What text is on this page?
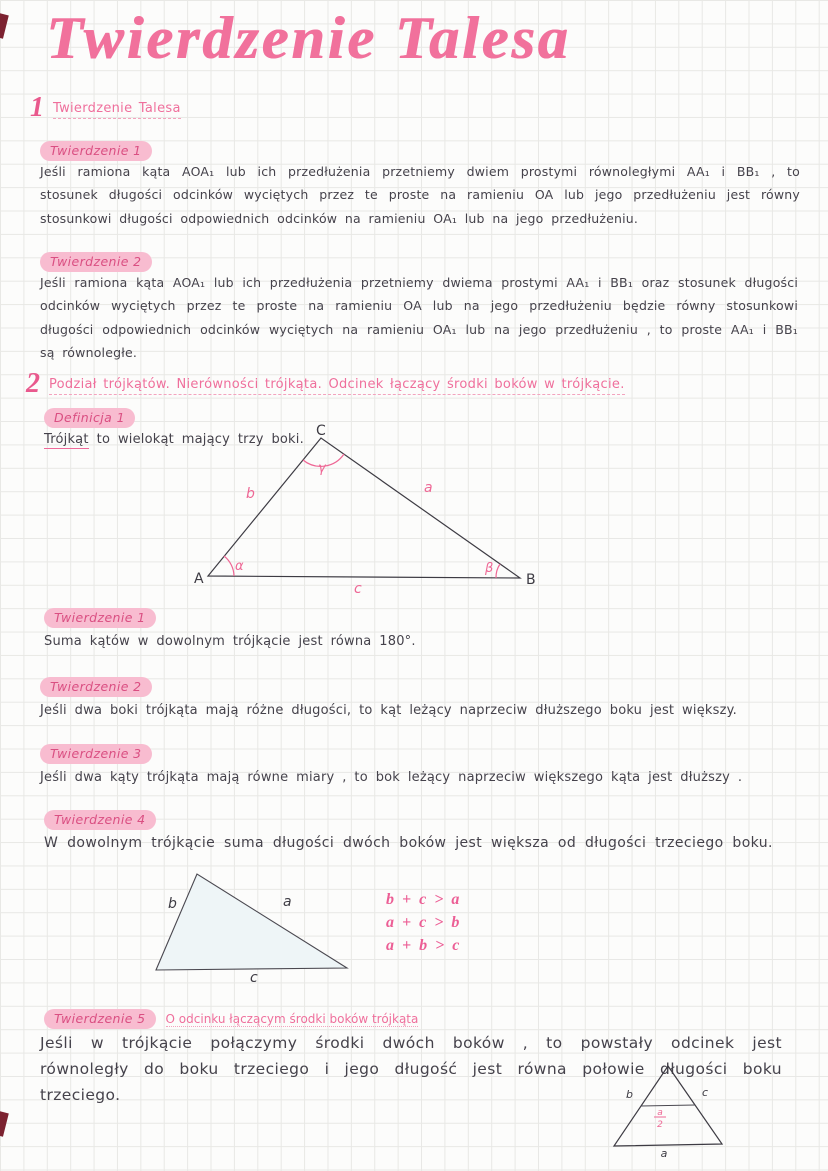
Twierdzenie Talesa
1 Twierdzenie Talesa
Twierdzenie 1
Jeśli ramiona kąta AOA₁ lub ich przedłużenia przetniemy dwiem prostymi równoległymi AA₁ i BB₁ , to stosunek długości odcinków wyciętych przez te proste na ramieniu OA lub jego przedłużeniu jest równy stosunkowi długości odpowiednich odcinków na ramieniu OA₁ lub na jego przedłużeniu.
Twierdzenie 2
Jeśli ramiona kąta AOA₁ lub ich przedłużenia przetniemy dwiema prostymi AA₁ i BB₁ oraz stosunek długości odcinków wyciętych przez te proste na ramieniu OA lub na jego przedłużeniu będzie równy stosunkowi długości odpowiednich odcinków wyciętych na ramieniu OA₁ lub na jego przedłużeniu , to proste AA₁ i BB₁ są równoległe.
2 Podział trójkątów. Nierówności trójkąta. Odcinek łączący środki boków w trójkącie.
Definicja 1
Trójkąt to wielokąt mający trzy boki.
A	B
C
b	a
c
α	β
γ
Twierdzenie 1
Suma kątów w dowolnym trójkącie jest równa 180°.
Twierdzenie 2
Jeśli dwa boki trójkąta mają różne długości, to kąt leżący naprzeciw dłuższego boku jest większy.
Twierdzenie 3
Jeśli dwa kąty trójkąta mają równe miary , to bok leżący naprzeciw większego kąta jest dłuższy .
Twierdzenie 4
W dowolnym trójkącie suma długości dwóch boków jest większa od długości trzeciego boku.
b	a
c
b + c > a
a + c > b
a + b > c
Twierdzenie 5 O odcinku łączącym środki boków trójkąta
Jeśli w trójkącie połączymy środki dwóch boków , to powstały odcinek jest równoległy do boku trzeciego i jego długość jest równa połowie długości boku trzeciego.	b	c
a
a
2
